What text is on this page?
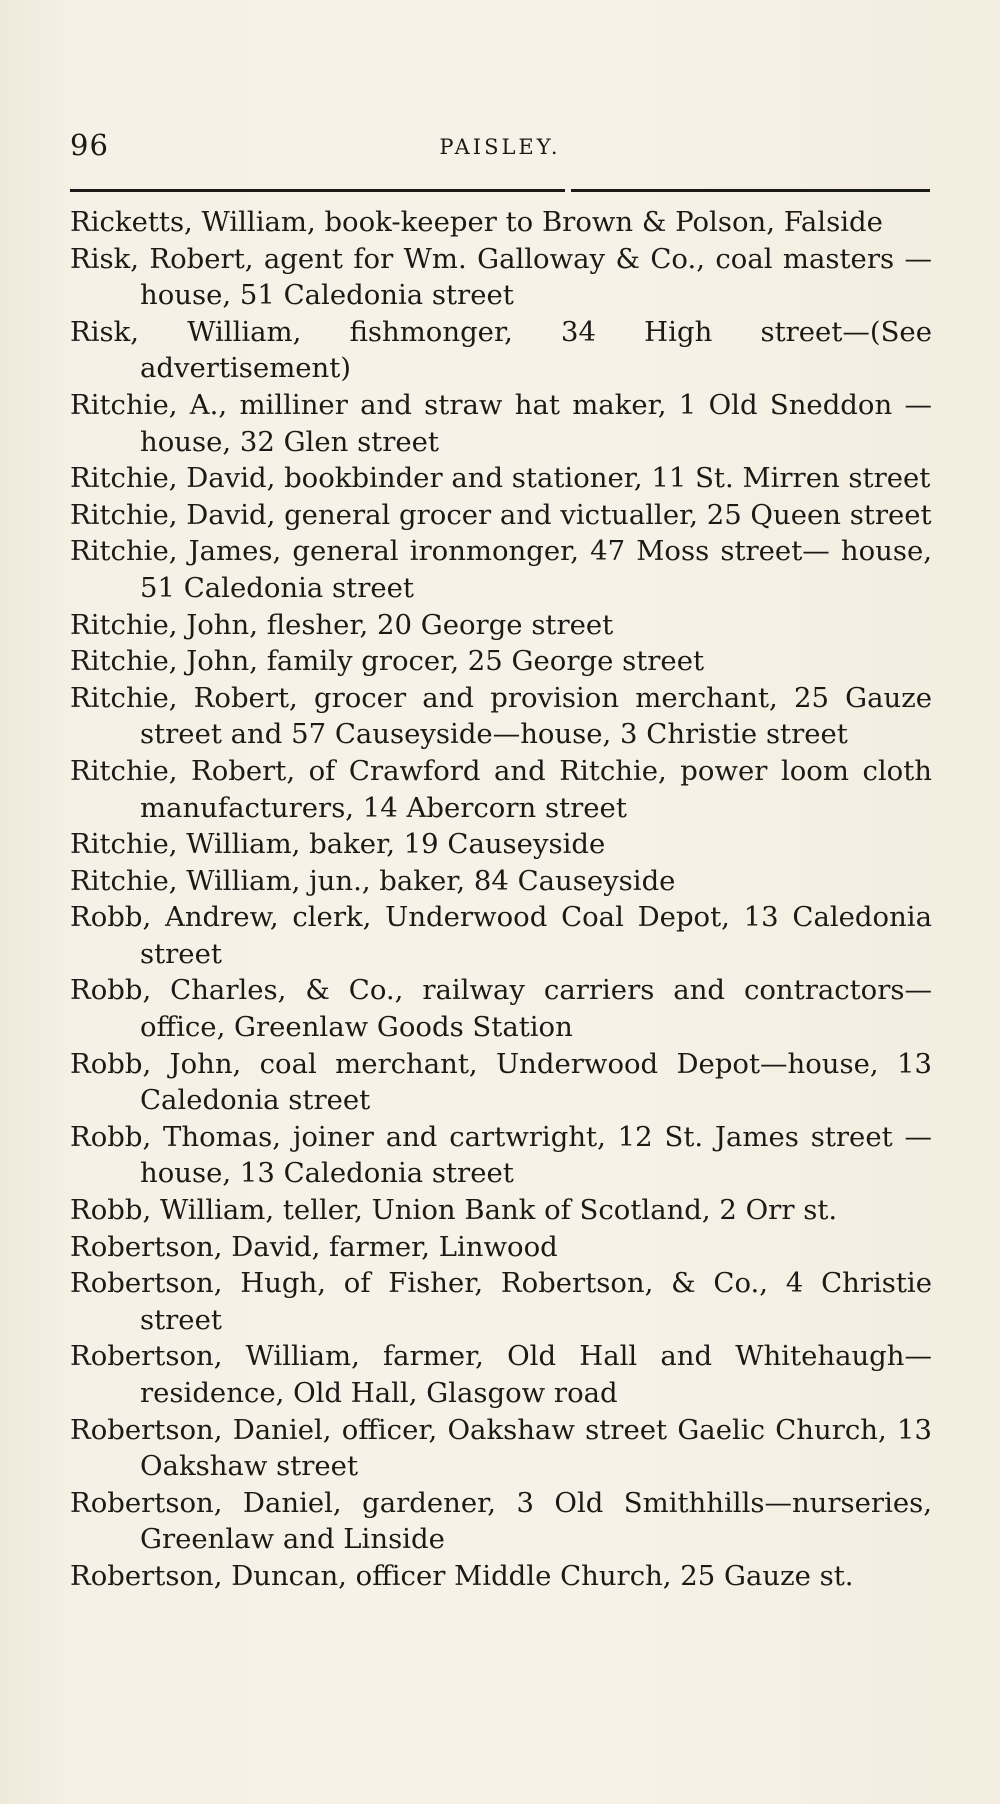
96	PAISLEY.

Ricketts, William, book-keeper to Brown & Polson, Falside

Risk, Robert, agent for Wm. Galloway & Co., coal masters —house, 51 Caledonia street

Risk, William, fishmonger, 34 High street—(See advertisement)

Ritchie, A., milliner and straw hat maker, 1 Old Sneddon —house, 32 Glen street

Ritchie, David, bookbinder and stationer, 11 St. Mirren street

Ritchie, David, general grocer and victualler, 25 Queen street

Ritchie, James, general ironmonger, 47 Moss street— house, 51 Caledonia street

Ritchie, John, flesher, 20 George street

Ritchie, John, family grocer, 25 George street

Ritchie, Robert, grocer and provision merchant, 25 Gauze street and 57 Causeyside—house, 3 Christie street

Ritchie, Robert, of Crawford and Ritchie, power loom cloth manufacturers, 14 Abercorn street

Ritchie, William, baker, 19 Causeyside

Ritchie, William, jun., baker, 84 Causeyside

Robb, Andrew, clerk, Underwood Coal Depot, 13 Caledonia street

Robb, Charles, & Co., railway carriers and contractors— office, Greenlaw Goods Station

Robb, John, coal merchant, Underwood Depot—house, 13 Caledonia street

Robb, Thomas, joiner and cartwright, 12 St. James street —house, 13 Caledonia street

Robb, William, teller, Union Bank of Scotland, 2 Orr st.

Robertson, David, farmer, Linwood

Robertson, Hugh, of Fisher, Robertson, & Co., 4 Christie street

Robertson, William, farmer, Old Hall and Whitehaugh— residence, Old Hall, Glasgow road

Robertson, Daniel, officer, Oakshaw street Gaelic Church, 13 Oakshaw street

Robertson, Daniel, gardener, 3 Old Smithhills—nurseries, Greenlaw and Linside

Robertson, Duncan, officer Middle Church, 25 Gauze st.
